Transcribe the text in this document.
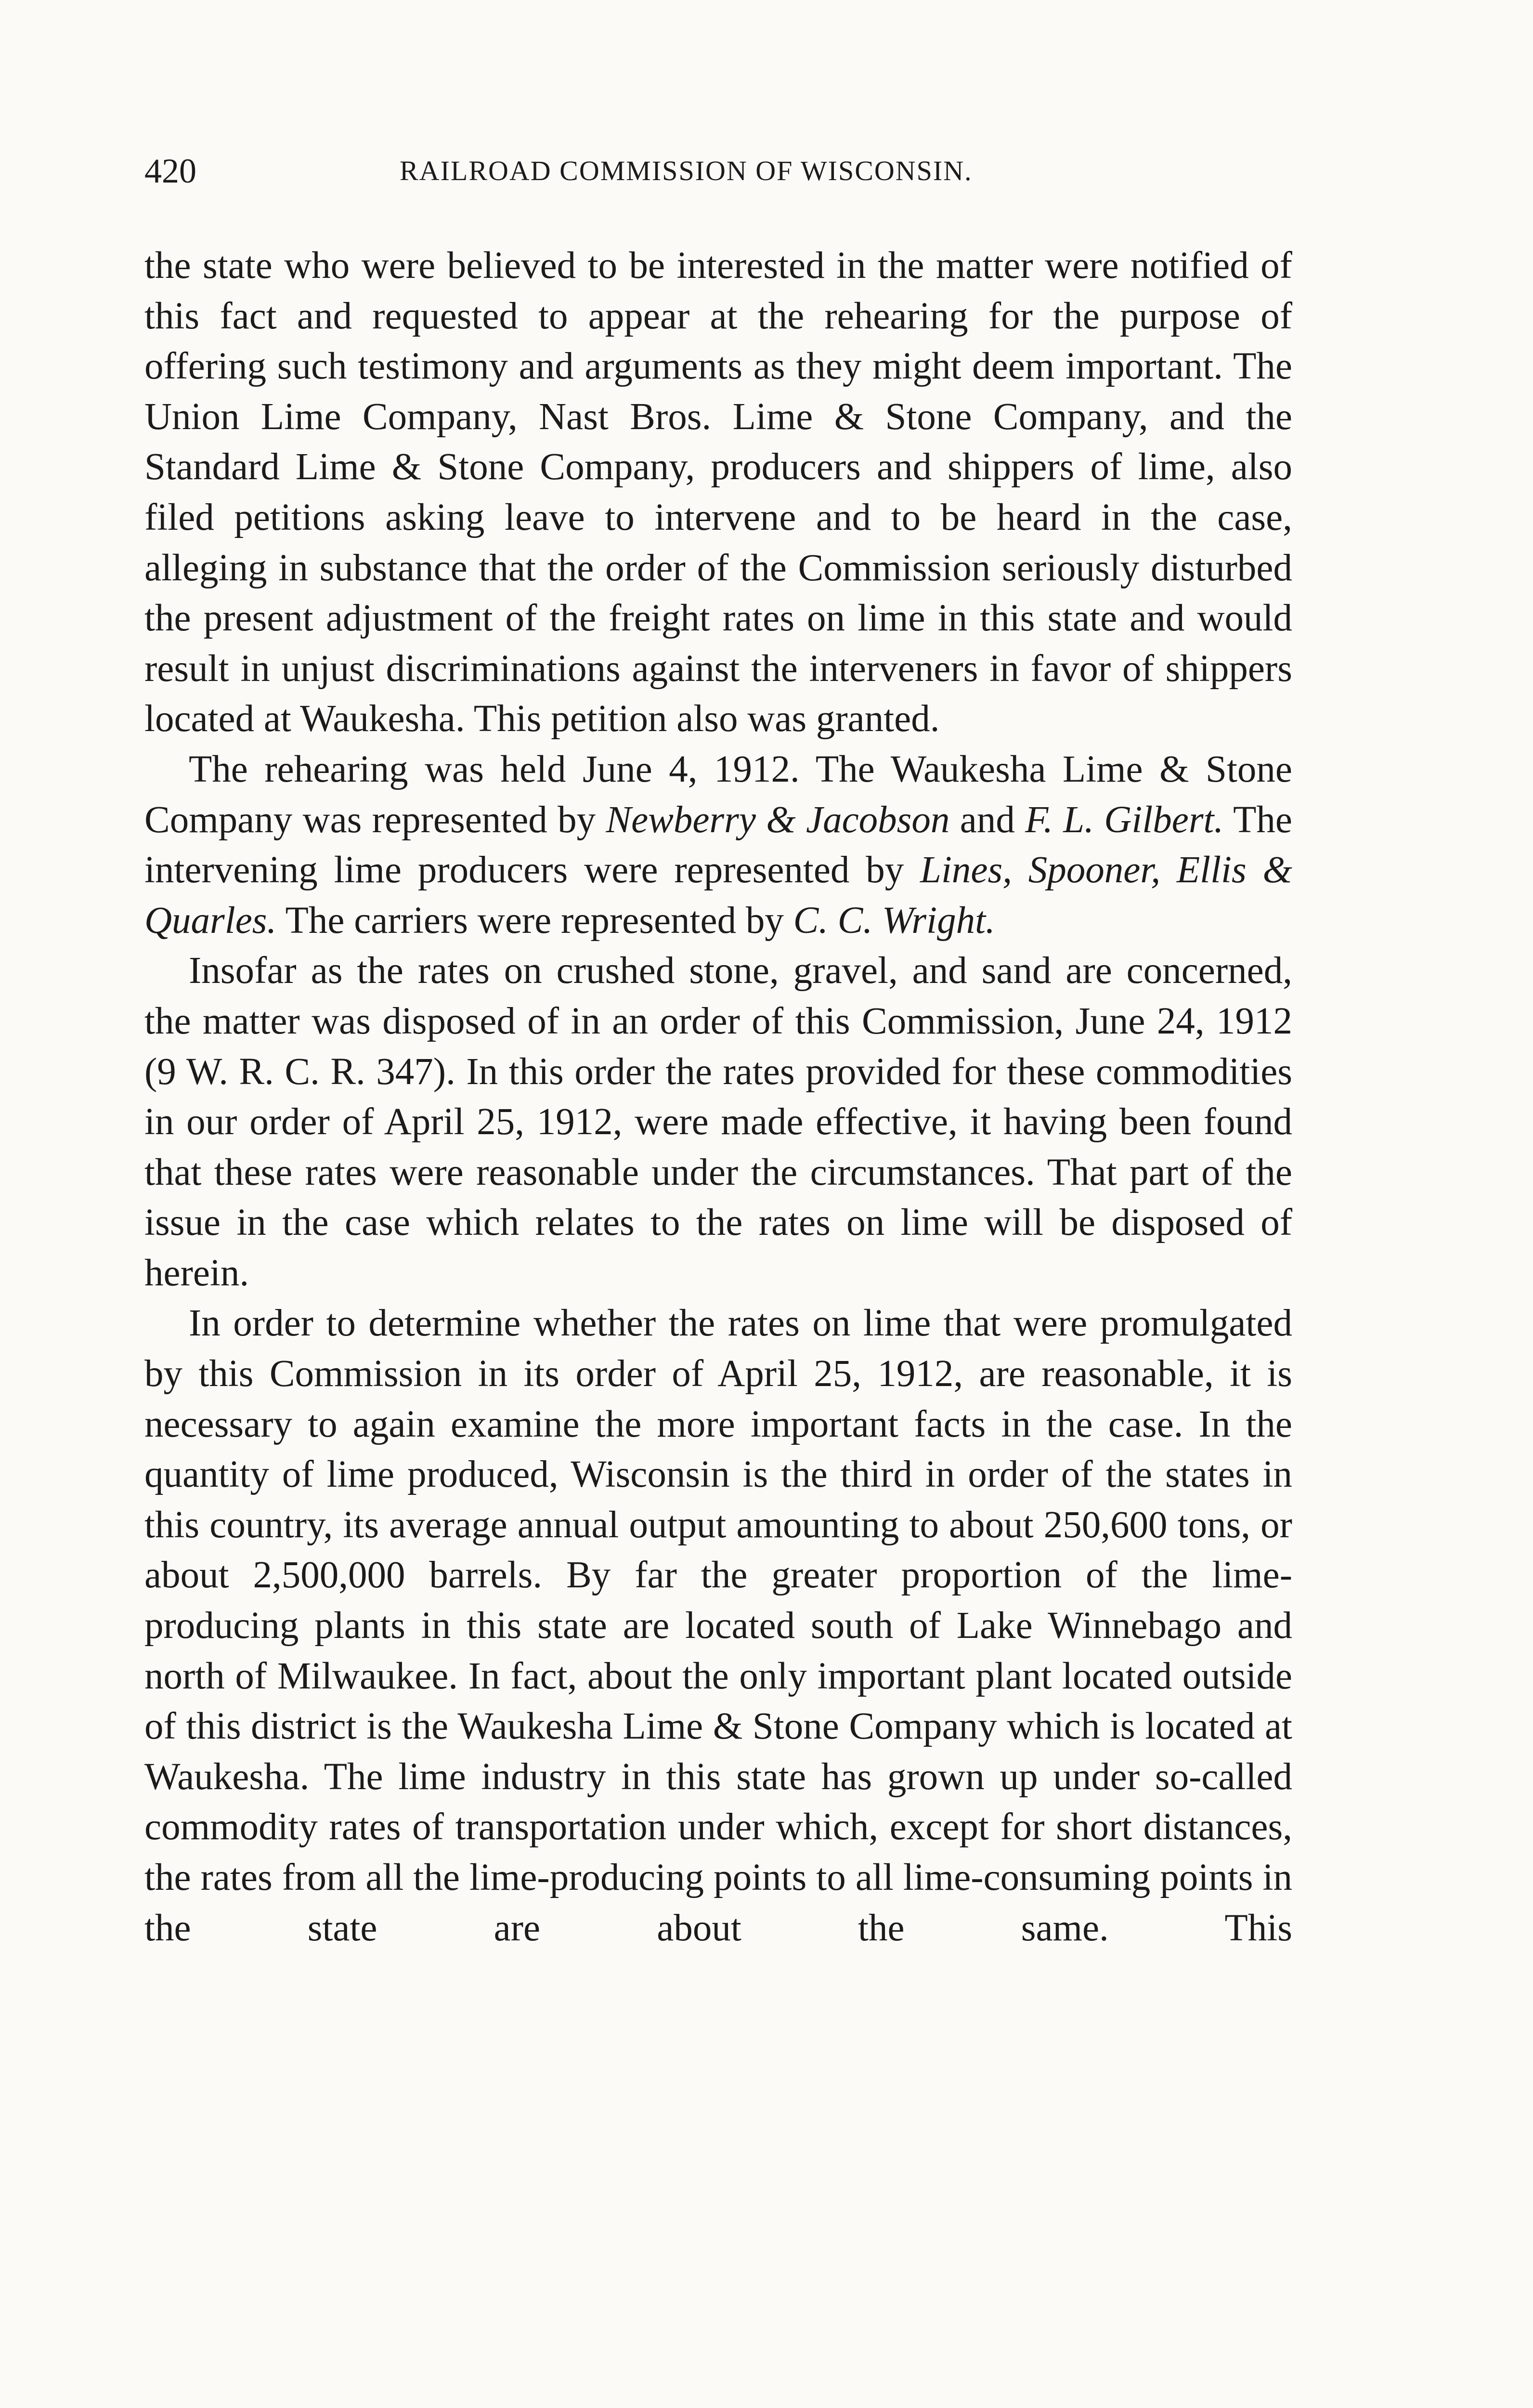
420	RAILROAD COMMISSION OF WISCONSIN.

the state who were believed to be interested in the matter were notified of this fact and requested to appear at the rehearing for the purpose of offering such testimony and arguments as they might deem important. The Union Lime Company, Nast Bros. Lime & Stone Company, and the Standard Lime & Stone Company, producers and shippers of lime, also filed petitions asking leave to intervene and to be heard in the case, alleging in substance that the order of the Commission seriously disturbed the present adjustment of the freight rates on lime in this state and would result in unjust discriminations against the interveners in favor of shippers located at Waukesha. This petition also was granted.

The rehearing was held June 4, 1912. The Waukesha Lime & Stone Company was represented by Newberry & Jacobson and F. L. Gilbert. The intervening lime producers were represented by Lines, Spooner, Ellis & Quarles. The carriers were represented by C. C. Wright.

Insofar as the rates on crushed stone, gravel, and sand are concerned, the matter was disposed of in an order of this Commission, June 24, 1912 (9 W. R. C. R. 347). In this order the rates provided for these commodities in our order of April 25, 1912, were made effective, it having been found that these rates were reasonable under the circumstances. That part of the issue in the case which relates to the rates on lime will be disposed of herein.

In order to determine whether the rates on lime that were promulgated by this Commission in its order of April 25, 1912, are reasonable, it is necessary to again examine the more important facts in the case. In the quantity of lime produced, Wisconsin is the third in order of the states in this country, its average annual output amounting to about 250,600 tons, or about 2,500,000 barrels. By far the greater proportion of the lime-producing plants in this state are located south of Lake Winnebago and north of Milwaukee. In fact, about the only important plant located outside of this district is the Waukesha Lime & Stone Company which is located at Waukesha. The lime industry in this state has grown up under so-called commodity rates of transportation under which, except for short distances, the rates from all the lime-producing points to all lime-consuming points in the state are about the same. This
